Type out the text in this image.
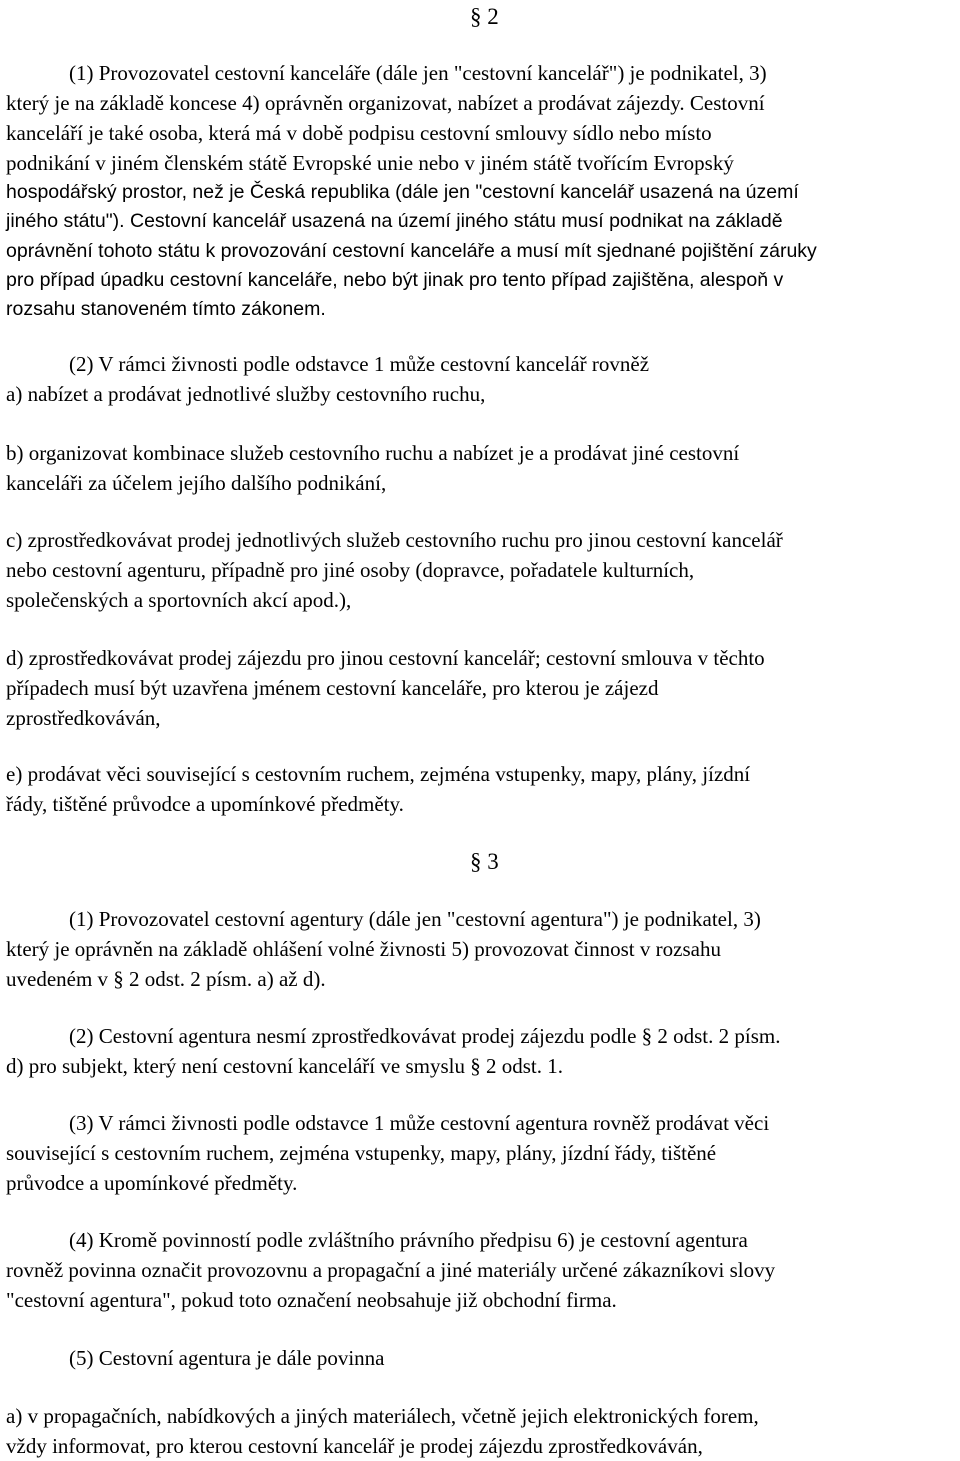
§ 2

(1) Provozovatel cestovní kanceláře (dále jen "cestovní kancelář") je podnikatel, 3)

který je na základě koncese 4) oprávněn organizovat, nabízet a prodávat zájezdy. Cestovní

kanceláří je také osoba, která má v době podpisu cestovní smlouvy sídlo nebo místo

podnikání v jiném členském státě Evropské unie nebo v jiném státě tvořícím Evropský

hospodářský prostor, než je Česká republika (dále jen "cestovní kancelář usazená na území

jiného státu"). Cestovní kancelář usazená na území jiného státu musí podnikat na základě

oprávnění tohoto státu k provozování cestovní kanceláře a musí mít sjednané pojištění záruky

pro případ úpadku cestovní kanceláře, nebo být jinak pro tento případ zajištěna, alespoň v

rozsahu stanoveném tímto zákonem.

(2) V rámci živnosti podle odstavce 1 může cestovní kancelář rovněž

a) nabízet a prodávat jednotlivé služby cestovního ruchu,

b) organizovat kombinace služeb cestovního ruchu a nabízet je a prodávat jiné cestovní

kanceláři za účelem jejího dalšího podnikání,

c) zprostředkovávat prodej jednotlivých služeb cestovního ruchu pro jinou cestovní kancelář

nebo cestovní agenturu, případně pro jiné osoby (dopravce, pořadatele kulturních,

společenských a sportovních akcí apod.),

d) zprostředkovávat prodej zájezdu pro jinou cestovní kancelář; cestovní smlouva v těchto

případech musí být uzavřena jménem cestovní kanceláře, pro kterou je zájezd

zprostředkováván,

e) prodávat věci související s cestovním ruchem, zejména vstupenky, mapy, plány, jízdní

řády, tištěné průvodce a upomínkové předměty.

§ 3

(1) Provozovatel cestovní agentury (dále jen "cestovní agentura") je podnikatel, 3)

který je oprávněn na základě ohlášení volné živnosti 5) provozovat činnost v rozsahu

uvedeném v § 2 odst. 2 písm. a) až d).

(2) Cestovní agentura nesmí zprostředkovávat prodej zájezdu podle § 2 odst. 2 písm.

d) pro subjekt, který není cestovní kanceláří ve smyslu § 2 odst. 1.

(3) V rámci živnosti podle odstavce 1 může cestovní agentura rovněž prodávat věci

související s cestovním ruchem, zejména vstupenky, mapy, plány, jízdní řády, tištěné

průvodce a upomínkové předměty.

(4) Kromě povinností podle zvláštního právního předpisu 6) je cestovní agentura

rovněž povinna označit provozovnu a propagační a jiné materiály určené zákazníkovi slovy

"cestovní agentura", pokud toto označení neobsahuje již obchodní firma.

(5) Cestovní agentura je dále povinna

a) v propagačních, nabídkových a jiných materiálech, včetně jejich elektronických forem,

vždy informovat, pro kterou cestovní kancelář je prodej zájezdu zprostředkováván,
